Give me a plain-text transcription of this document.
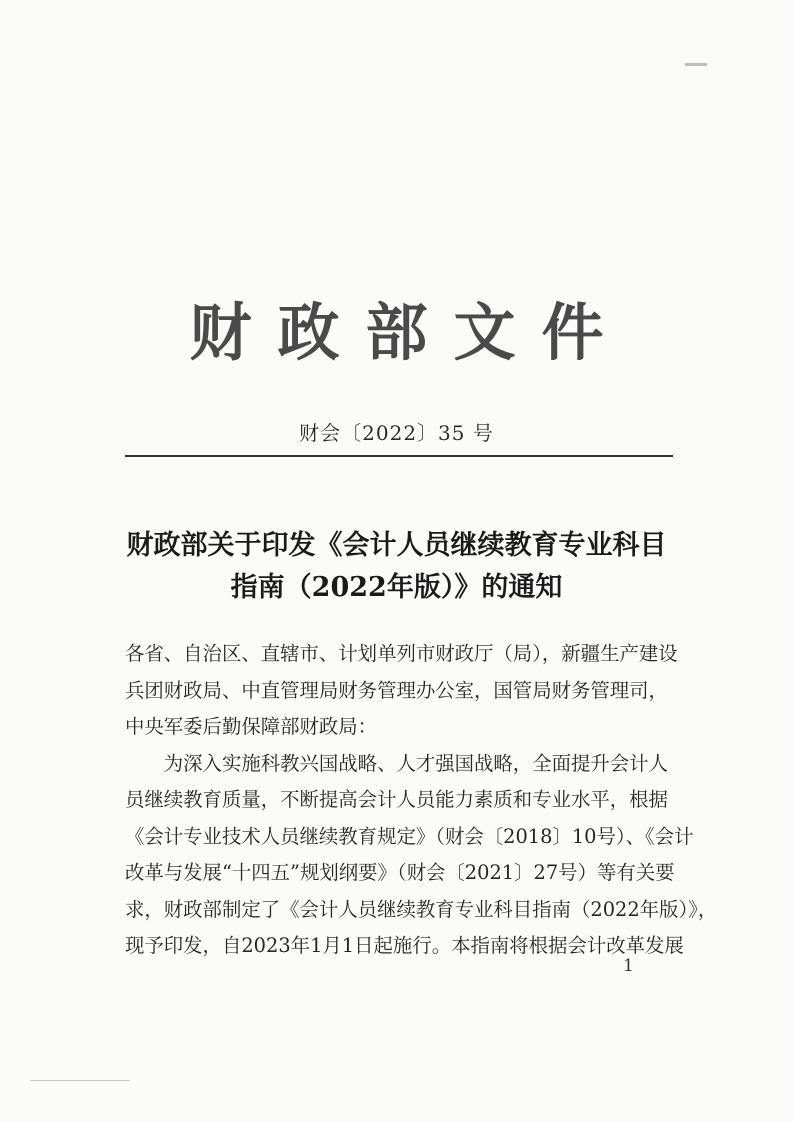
财政部文件
财会〔2022〕35 号
财政部关于印发《会计人员继续教育专业科目
指南（2022年版）》的通知

各省、自治区、直辖市、计划单列市财政厅（局），新疆生产建设

兵团财政局、中直管理局财务管理办公室，国管局财务管理司，

中央军委后勤保障部财政局：

　　为深入实施科教兴国战略、人才强国战略，全面提升会计人

员继续教育质量，不断提高会计人员能力素质和专业水平，根据

《会计专业技术人员继续教育规定》（财会〔2018〕10号）、《会计

改革与发展“十四五”规划纲要》（财会〔2021〕27号）等有关要

求，财政部制定了《会计人员继续教育专业科目指南（2022年版）》，

现予印发，自2023年1月1日起施行。本指南将根据会计改革发展

1
